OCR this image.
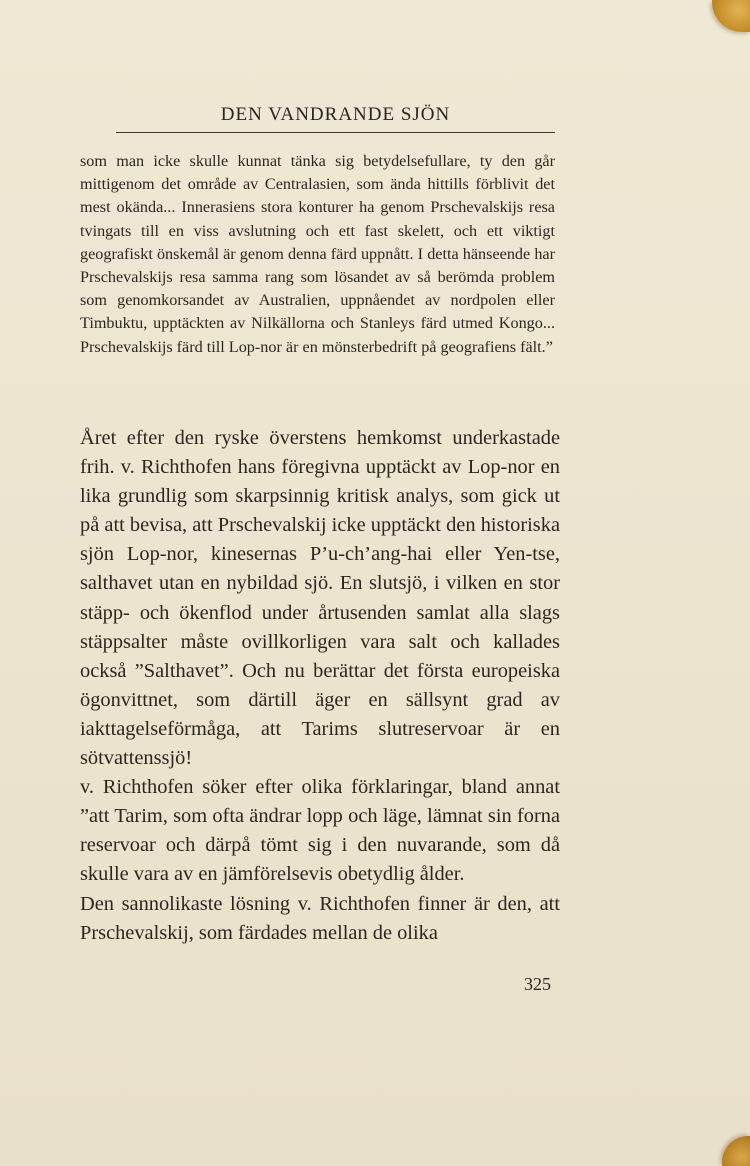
DEN VANDRANDE SJÖN
som man icke skulle kunnat tänka sig betydelsefullare, ty den går mittigenom det område av Centralasien, som ända hittills förblivit det mest okända... Innerasiens stora konturer ha genom Prschevalskijs resa tvingats till en viss avslutning och ett fast skelett, och ett viktigt geografiskt önskemål är genom denna färd uppnått. I detta hänseende har Prschevalskijs resa samma rang som lösandet av så berömda problem som genomkorsandet av Australien, uppnåendet av nordpolen eller Timbuktu, upptäckten av Nilkällorna och Stanleys färd utmed Kongo... Prschevalskijs färd till Lop-nor är en mönsterbedrift på geografiens fält.”

Året efter den ryske överstens hemkomst underkastade frih. v. Richthofen hans föregivna upptäckt av Lop-nor en lika grundlig som skarpsinnig kritisk analys, som gick ut på att bevisa, att Prschevalskij icke upptäckt den historiska sjön Lop-nor, kinesernas P’u-ch’ang-hai eller Yen-tse, salthavet utan en nybildad sjö. En slutsjö, i vilken en stor stäpp- och ökenflod under årtusenden samlat alla slags stäppsalter måste ovillkorligen vara salt och kallades också ”Salthavet”. Och nu berättar det första europeiska ögonvittnet, som därtill äger en sällsynt grad av iakttagelseförmåga, att Tarims slutreservoar är en sötvattenssjö!

v. Richthofen söker efter olika förklaringar, bland annat ”att Tarim, som ofta ändrar lopp och läge, lämnat sin forna reservoar och därpå tömt sig i den nuvarande, som då skulle vara av en jämförelsevis obetydlig ålder.

Den sannolikaste lösning v. Richthofen finner är den, att Prschevalskij, som färdades mellan de olika

325
